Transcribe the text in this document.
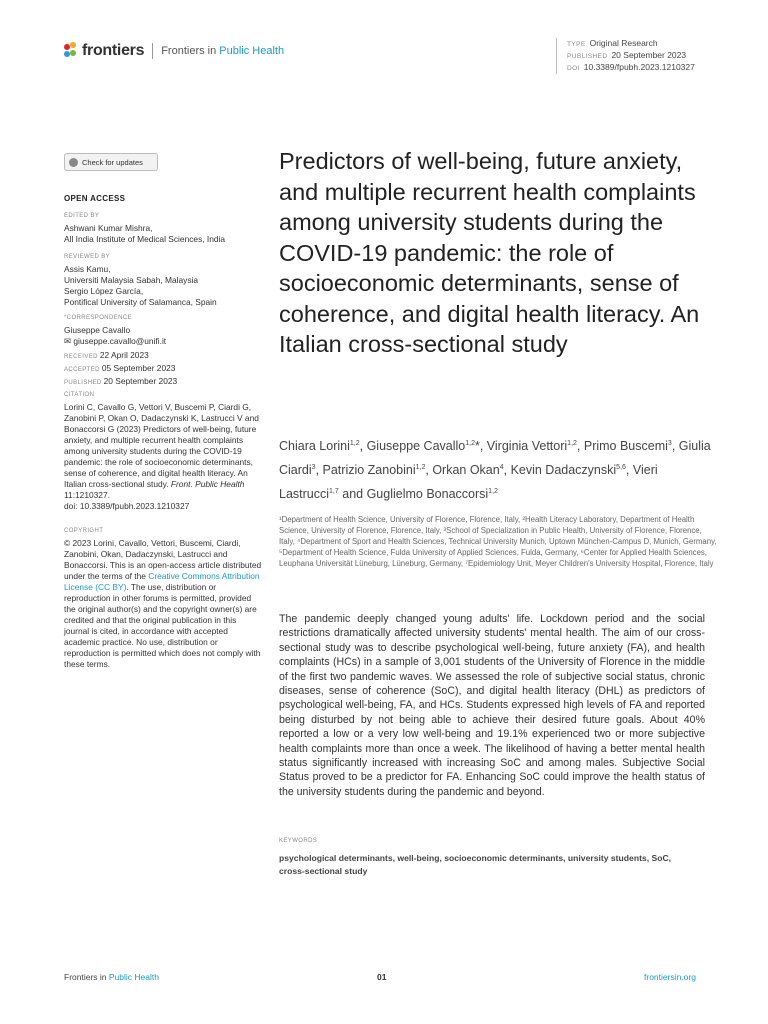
frontiers Frontiers in Public Health
TYPE Original Research
PUBLISHED 20 September 2023
DOI 10.3389/fpubh.2023.1210327
Check for updates
OPEN ACCESS
EDITED BY
Ashwani Kumar Mishra,
All India Institute of Medical Sciences, India
REVIEWED BY
Assis Kamu,
Universiti Malaysia Sabah, Malaysia
Sergio López García,
Pontifical University of Salamanca, Spain
*CORRESPONDENCE
Giuseppe Cavallo
✉ giuseppe.cavallo@unifi.it
RECEIVED 22 April 2023
ACCEPTED 05 September 2023
PUBLISHED 20 September 2023
CITATION
Lorini C, Cavallo G, Vettori V, Buscemi P, Ciardi G, Zanobini P, Okan O, Dadaczynski K, Lastrucci V and Bonaccorsi G (2023) Predictors of well-being, future anxiety, and multiple recurrent health complaints among university students during the COVID-19 pandemic: the role of socioeconomic determinants, sense of coherence, and digital health literacy. An Italian cross-sectional study. Front. Public Health 11:1210327.
doi: 10.3389/fpubh.2023.1210327
COPYRIGHT
© 2023 Lorini, Cavallo, Vettori, Buscemi, Ciardi, Zanobini, Okan, Dadaczynski, Lastrucci and Bonaccorsi. This is an open-access article distributed under the terms of the Creative Commons Attribution License (CC BY). The use, distribution or reproduction in other forums is permitted, provided the original author(s) and the copyright owner(s) are credited and that the original publication in this journal is cited, in accordance with accepted academic practice. No use, distribution or reproduction is permitted which does not comply with these terms.
Predictors of well-being, future anxiety, and multiple recurrent health complaints among university students during the COVID-19 pandemic: the role of socioeconomic determinants, sense of coherence, and digital health literacy. An Italian cross-sectional study
Chiara Lorini$^{1,2}$, Giuseppe Cavallo$^{1,2}$*, Virginia Vettori$^{1,2}$, Primo Buscemi$^3$, Giulia Ciardi$^3$, Patrizio Zanobini$^{1,2}$, Orkan Okan$^4$, Kevin Dadaczynski$^{5,6}$, Vieri Lastrucci$^{1,7}$ and Guglielmo Bonaccorsi$^{1,2}$
¹Department of Health Science, University of Florence, Florence, Italy, ²Health Literacy Laboratory, Department of Health Science, University of Florence, Florence, Italy, ³School of Specialization in Public Health, University of Florence, Florence, Italy, ⁴Department of Sport and Health Sciences, Technical University Munich, Uptown München-Campus D, Munich, Germany, ⁵Department of Health Science, Fulda University of Applied Sciences, Fulda, Germany, ⁶Center for Applied Health Sciences, Leuphana Universität Lüneburg, Lüneburg, Germany, ⁷Epidemiology Unit, Meyer Children's University Hospital, Florence, Italy
The pandemic deeply changed young adults' life. Lockdown period and the social restrictions dramatically affected university students' mental health. The aim of our cross-sectional study was to describe psychological well-being, future anxiety (FA), and health complaints (HCs) in a sample of 3,001 students of the University of Florence in the middle of the first two pandemic waves. We assessed the role of subjective social status, chronic diseases, sense of coherence (SoC), and digital health literacy (DHL) as predictors of psychological well-being, FA, and HCs. Students expressed high levels of FA and reported being disturbed by not being able to achieve their desired future goals. About 40% reported a low or a very low well-being and 19.1% experienced two or more subjective health complaints more than once a week. The likelihood of having a better mental health status significantly increased with increasing SoC and among males. Subjective Social Status proved to be a predictor for FA. Enhancing SoC could improve the health status of the university students during the pandemic and beyond.
KEYWORDS
psychological determinants, well-being, socioeconomic determinants, university students, SoC, cross-sectional study
Frontiers in Public Health	01	frontiersin.org
